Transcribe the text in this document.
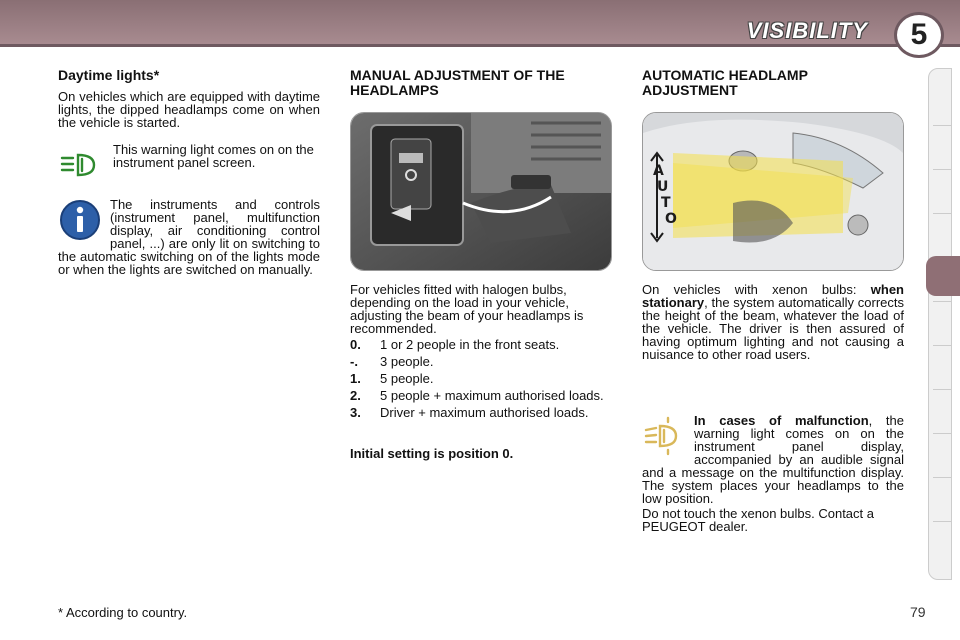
VISIBILITY	5
Daytime lights*
On vehicles which are equipped with daytime lights, the dipped headlamps come on when the vehicle is started.
This warning light comes on on the instrument panel screen.
The instruments and controls (instrument panel, multifunction display, air conditioning control panel, ...) are only lit on switching to the automatic switching on of the lights mode or when the lights are switched on manually.
MANUAL ADJUSTMENT OF THE HEADLAMPS
For vehicles fitted with halogen bulbs, depending on the load in your vehicle, adjusting the beam of your headlamps is recommended.
0.	1 or 2 people in the front seats.
-.	3 people.
1.	5 people.
2.	5 people + maximum authorised loads.
3.	Driver + maximum authorised loads.
Initial setting is position 0.
AUTOMATIC HEADLAMP ADJUSTMENT
A
U
T
O
On vehicles with xenon bulbs: when stationary, the system automatically corrects the height of the beam, whatever the load of the vehicle. The driver is then assured of having optimum lighting and not causing a nuisance to other road users.
In cases of malfunction, the warning light comes on on the instrument panel display, accompanied by an audible signal and a message on the multifunction display. The system places your headlamps to the low position.
Do not touch the xenon bulbs. Contact a PEUGEOT dealer.
* According to country.	79
